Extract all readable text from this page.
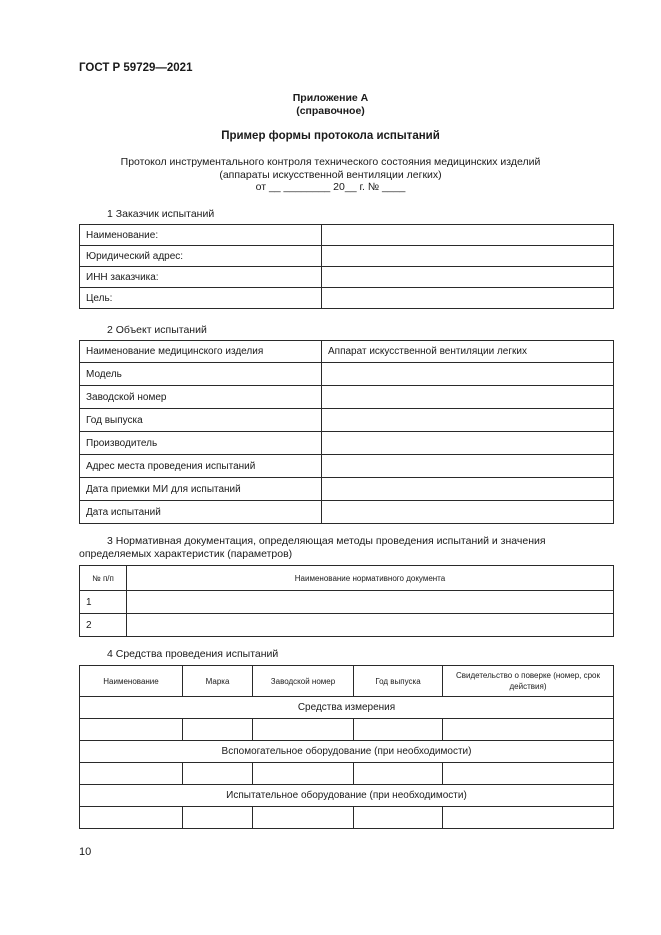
ГОСТ Р 59729—2021
Приложение А
(справочное)
Пример формы протокола испытаний
Протокол инструментального контроля технического состояния медицинских изделий
(аппараты искусственной вентиляции легких)
от __ ________ 20__ г. № ____
1 Заказчик испытаний
Наименование:	
Юридический адрес:	
ИНН заказчика:	
Цель:	
2 Объект испытаний
Наименование медицинского изделия	Аппарат искусственной вентиляции легких
Модель	
Заводской номер	
Год выпуска	
Производитель	
Адрес места проведения испытаний	
Дата приемки МИ для испытаний	
Дата испытаний	
3 Нормативная документация, определяющая методы проведения испытаний и значения определяемых характеристик (параметров)
№ п/п	Наименование нормативного документа
1	
2	
4 Средства проведения испытаний
Наименование	Марка	Заводской номер	Год выпуска	Свидетельство о поверке (номер, срок действия)
Средства измерения				

Вспомогательное оборудование (при необходимости)				

Испытательное оборудование (при необходимости)				

10
